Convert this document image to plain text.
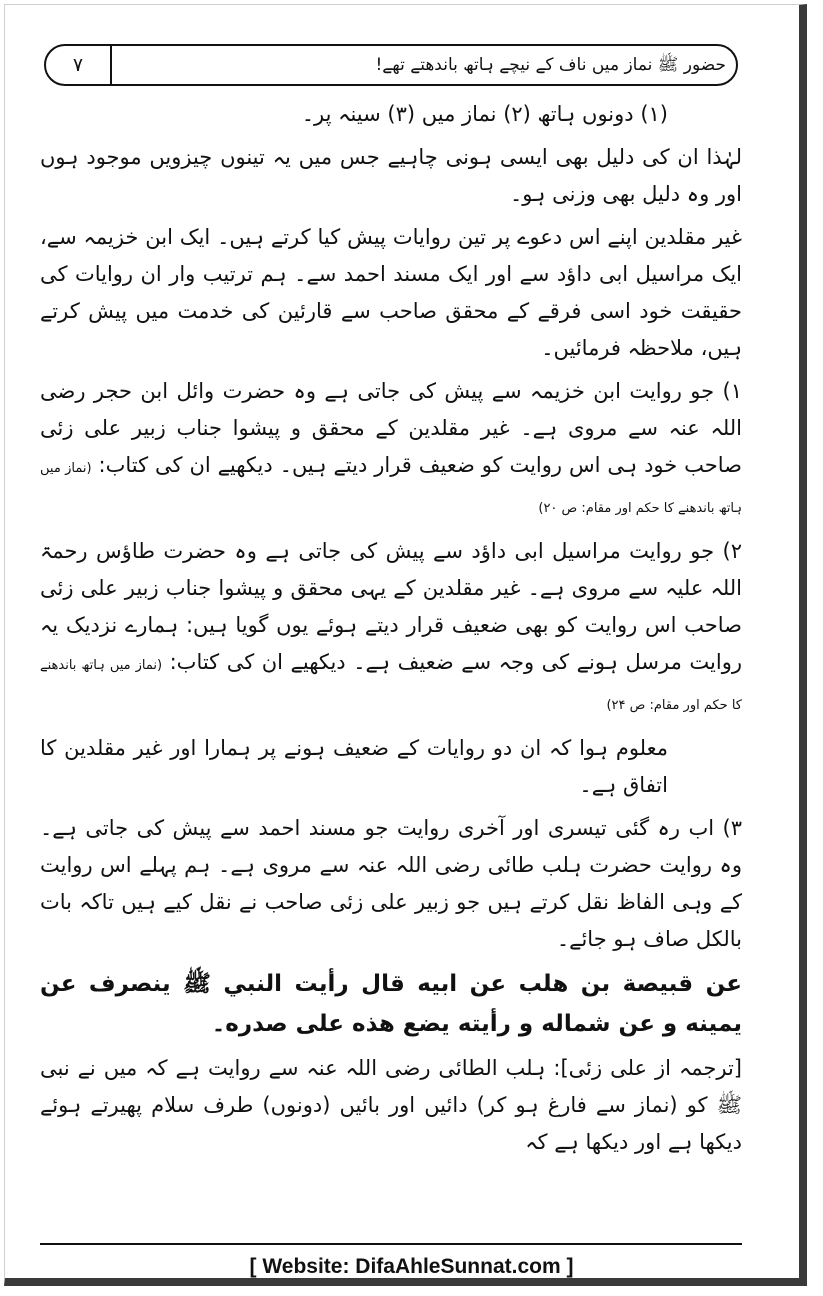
حضور ﷺ نماز میں ناف کے نیچے ہاتھ باندھتے تھے!
۷

(۱) دونوں ہاتھ (۲) نماز میں (۳) سینہ پر۔

لہٰذا ان کی دلیل بھی ایسی ہونی چاہیے جس میں یہ تینوں چیزویں موجود ہوں اور وہ دلیل بھی وزنی ہو۔

غیر مقلدین اپنے اس دعوے پر تین روایات پیش کیا کرتے ہیں۔ ایک ابن خزیمہ سے، ایک مراسیل ابی داؤد سے اور ایک مسند احمد سے۔ ہم ترتیب وار ان روایات کی حقیقت خود اسی فرقے کے محقق صاحب سے قارئین کی خدمت میں پیش کرتے ہیں، ملاحظہ فرمائیں۔

۱) جو روایت ابن خزیمہ سے پیش کی جاتی ہے وہ حضرت وائل ابن حجر رضی اللہ عنہ سے مروی ہے۔ غیر مقلدین کے محقق و پیشوا جناب زبیر علی زئی صاحب خود ہی اس روایت کو ضعیف قرار دیتے ہیں۔ دیکھیے ان کی کتاب: (نماز میں ہاتھ باندھنے کا حکم اور مقام: ص ۲۰)

۲) جو روایت مراسیل ابی داؤد سے پیش کی جاتی ہے وہ حضرت طاؤس رحمۃ اللہ علیہ سے مروی ہے۔ غیر مقلدین کے یہی محقق و پیشوا جناب زبیر علی زئی صاحب اس روایت کو بھی ضعیف قرار دیتے ہوئے یوں گویا ہیں: ہمارے نزدیک یہ روایت مرسل ہونے کی وجہ سے ضعیف ہے۔ دیکھیے ان کی کتاب: (نماز میں ہاتھ باندھنے کا حکم اور مقام: ص ۲۴)

معلوم ہوا کہ ان دو روایات کے ضعیف ہونے پر ہمارا اور غیر مقلدین کا اتفاق ہے۔

۳) اب رہ گئی تیسری اور آخری روایت جو مسند احمد سے پیش کی جاتی ہے۔ وہ روایت حضرت ہلب طائی رضی اللہ عنہ سے مروی ہے۔ ہم پہلے اس روایت کے وہی الفاظ نقل کرتے ہیں جو زبیر علی زئی صاحب نے نقل کیے ہیں تاکہ بات بالکل صاف ہو جائے۔

عن قبيصة بن هلب عن ابيه قال رأيت النبي ﷺ ينصرف عن يمينه و عن شماله و رأيته يضع هذه على صدره۔

[ترجمہ از علی زئی]: ہلب الطائی رضی اللہ عنہ سے روایت ہے کہ میں نے نبی ﷺ کو (نماز سے فارغ ہو کر) دائیں اور بائیں (دونوں) طرف سلام پھیرتے ہوئے دیکھا ہے اور دیکھا ہے کہ

[ Website: DifaAhleSunnat.com ]
